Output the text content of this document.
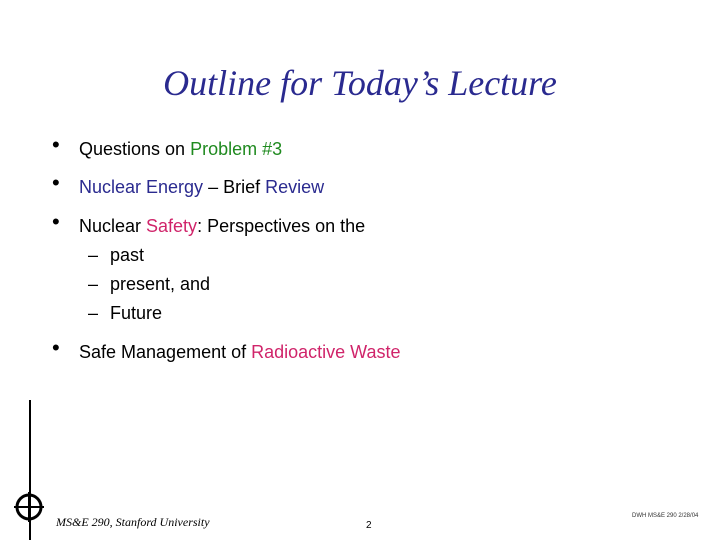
Outline for Today’s Lecture
• Questions on Problem #3
• Nuclear Energy – Brief Review
• Nuclear Safety: Perspectives on the
– past
– present, and
– Future
• Safe Management of Radioactive Waste
MS&E 290, Stanford University	2
DWH MS&E 290 2/28/04
